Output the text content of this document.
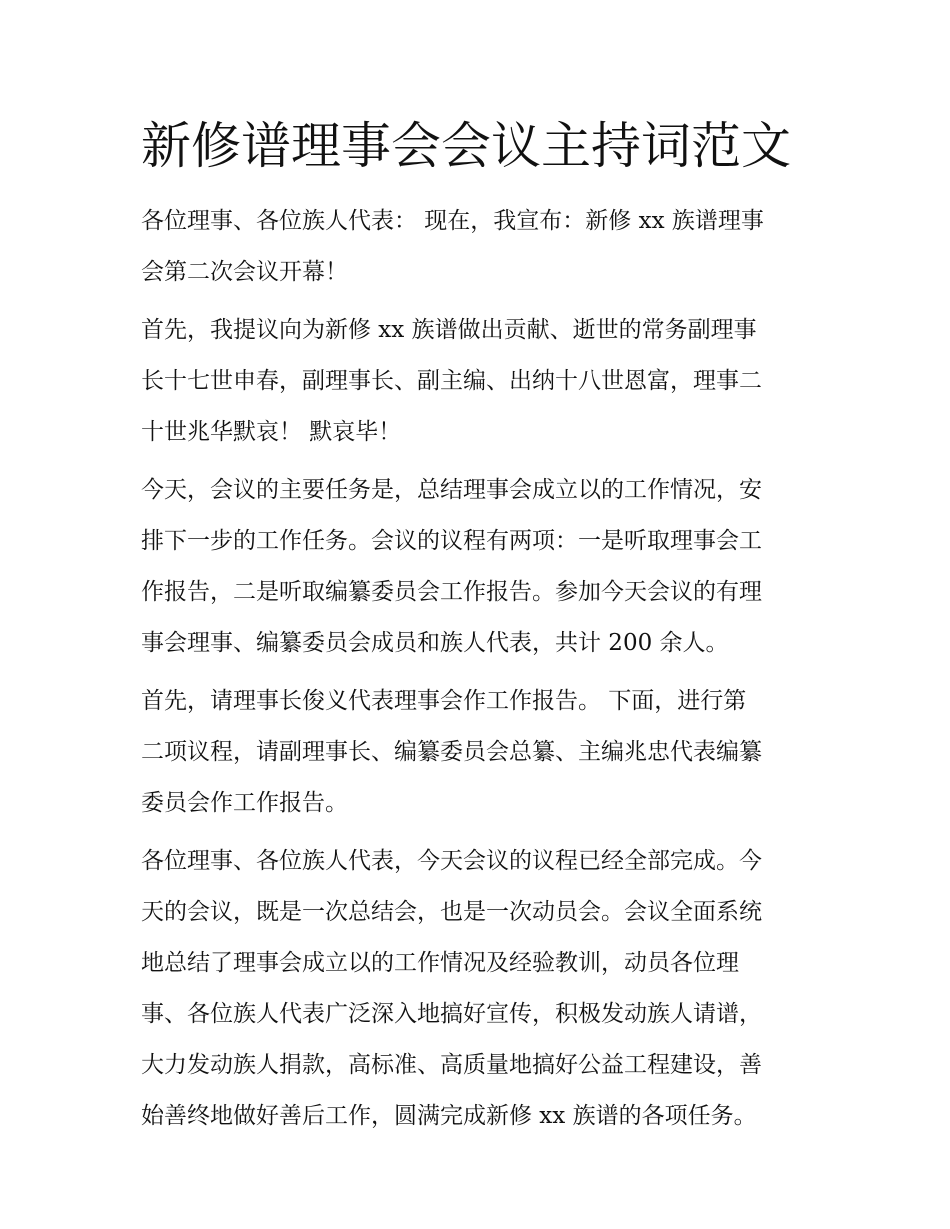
新修谱理事会会议主持词范文

各位理事、各位族人代表： 现在，我宣布：新修 xx 族谱理事
会第二次会议开幕！

首先，我提议向为新修 xx 族谱做出贡献、逝世的常务副理事
长十七世申春，副理事长、副主编、出纳十八世恩富，理事二
十世兆华默哀！ 默哀毕！

今天，会议的主要任务是，总结理事会成立以的工作情况，安
排下一步的工作任务。会议的议程有两项：一是听取理事会工
作报告，二是听取编纂委员会工作报告。参加今天会议的有理
事会理事、编纂委员会成员和族人代表，共计 200 余人。

首先，请理事长俊义代表理事会作工作报告。 下面，进行第
二项议程，请副理事长、编纂委员会总纂、主编兆忠代表编纂
委员会作工作报告。

各位理事、各位族人代表，今天会议的议程已经全部完成。今
天的会议，既是一次总结会，也是一次动员会。会议全面系统
地总结了理事会成立以的工作情况及经验教训，动员各位理
事、各位族人代表广泛深入地搞好宣传，积极发动族人请谱，
大力发动族人捐款，高标准、高质量地搞好公益工程建设，善
始善终地做好善后工作，圆满完成新修 xx 族谱的各项任务。
